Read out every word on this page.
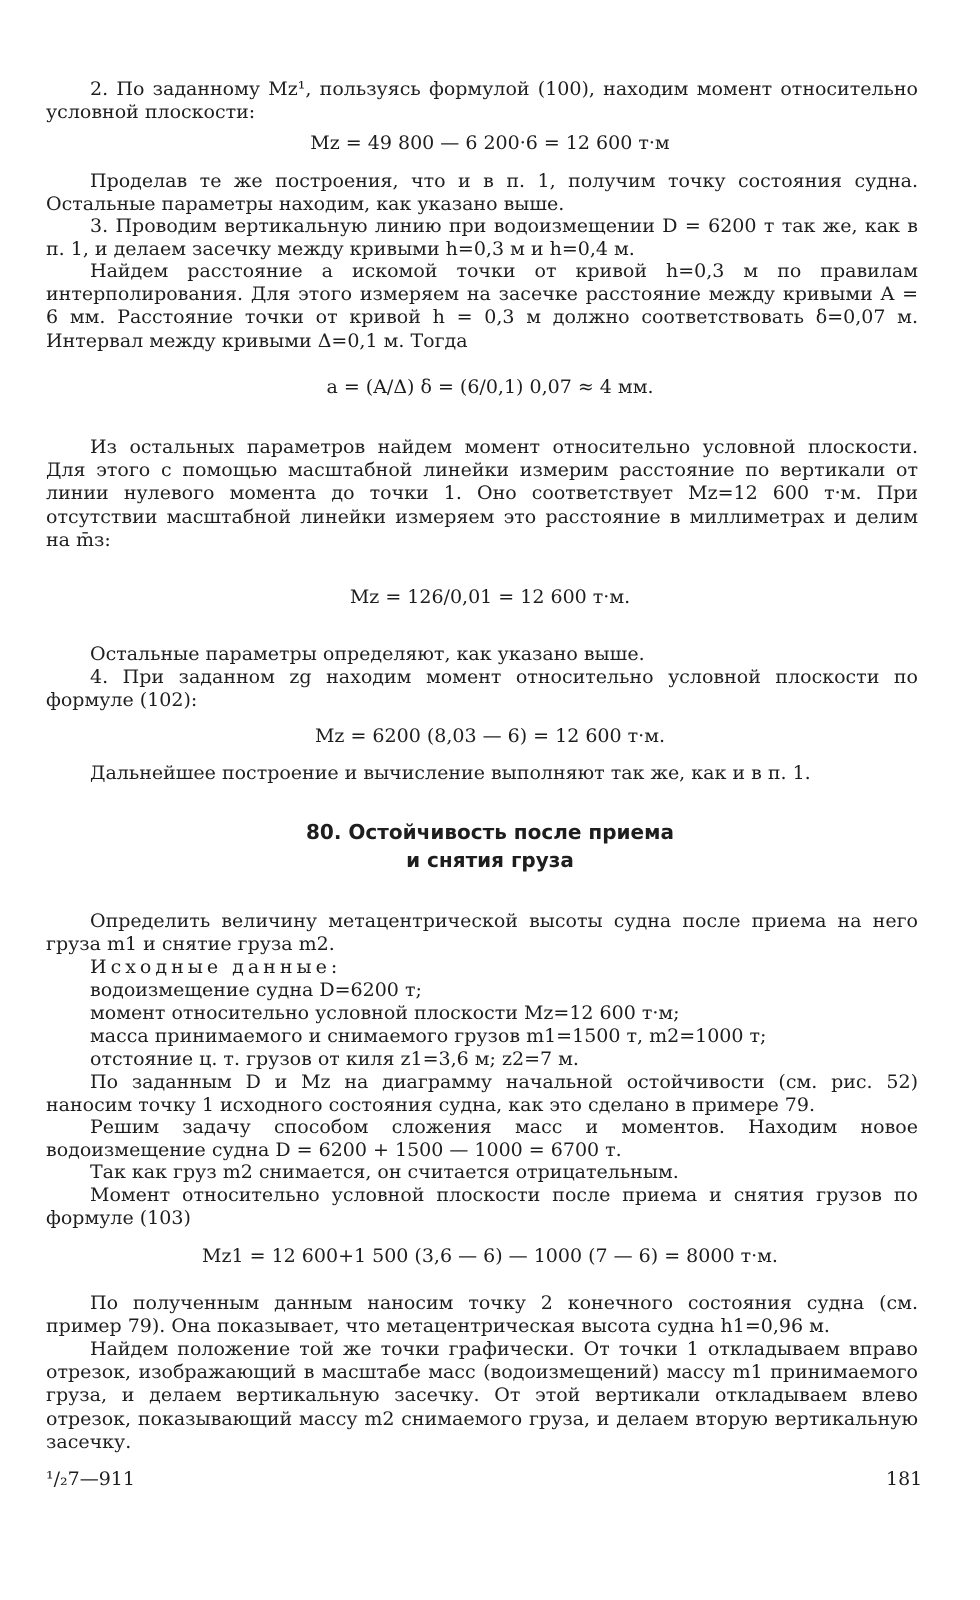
2. По заданному Mz¹, пользуясь формулой (100), находим момент относительно условной плоскости:

Mz = 49 800 — 6 200·6 = 12 600 т·м

Проделав те же построения, что и в п. 1, получим точку состояния судна. Остальные параметры находим, как указано выше.

3. Проводим вертикальную линию при водоизмещении D = 6200 т так же, как в п. 1, и делаем засечку между кривыми h=0,3 м и h=0,4 м.

Найдем расстояние a искомой точки от кривой h=0,3 м по правилам интерполирования. Для этого измеряем на засечке расстояние между кривыми A = 6 мм. Расстояние точки от кривой h = 0,3 м должно соответствовать δ=0,07 м. Интервал между кривыми Δ=0,1 м. Тогда

a = (A/Δ) δ = (6/0,1) 0,07 ≈ 4 мм.

Из остальных параметров найдем момент относительно условной плоскости. Для этого с помощью масштабной линейки измерим расстояние по вертикали от линии нулевого момента до точки 1. Оно соответствует Mz=12 600 т·м. При отсутствии масштабной линейки измеряем это расстояние в миллиметрах и делим на m̄з:

Mz = 126/0,01 = 12 600 т·м.

Остальные параметры определяют, как указано выше.

4. При заданном zg находим момент относительно условной плоскости по формуле (102):

Mz = 6200 (8,03 — 6) = 12 600 т·м.

Дальнейшее построение и вычисление выполняют так же, как и в п. 1.

80. Остойчивость после приема

и снятия груза

Определить величину метацентрической высоты судна после приема на него груза m1 и снятие груза m2.

Исходные данные:

водоизмещение судна D=6200 т;

момент относительно условной плоскости Mz=12 600 т·м;

масса принимаемого и снимаемого грузов m1=1500 т, m2=1000 т;

отстояние ц. т. грузов от киля z1=3,6 м; z2=7 м.

По заданным D и Mz на диаграмму начальной остойчивости (см. рис. 52) наносим точку 1 исходного состояния судна, как это сделано в примере 79.

Решим задачу способом сложения масс и моментов. Находим новое водоизмещение судна D = 6200 + 1500 — 1000 = 6700 т.

Так как груз m2 снимается, он считается отрицательным.

Момент относительно условной плоскости после приема и снятия грузов по формуле (103)

Mz1 = 12 600+1 500 (3,6 — 6) — 1000 (7 — 6) = 8000 т·м.

По полученным данным наносим точку 2 конечного состояния судна (см. пример 79). Она показывает, что метацентрическая высота судна h1=0,96 м.

Найдем положение той же точки графически. От точки 1 откладываем вправо отрезок, изображающий в масштабе масс (водоизмещений) массу m1 принимаемого груза, и делаем вертикальную засечку. От этой вертикали откладываем влево отрезок, показывающий массу m2 снимаемого груза, и делаем вторую вертикальную засечку.

¹/₂7—911	181
